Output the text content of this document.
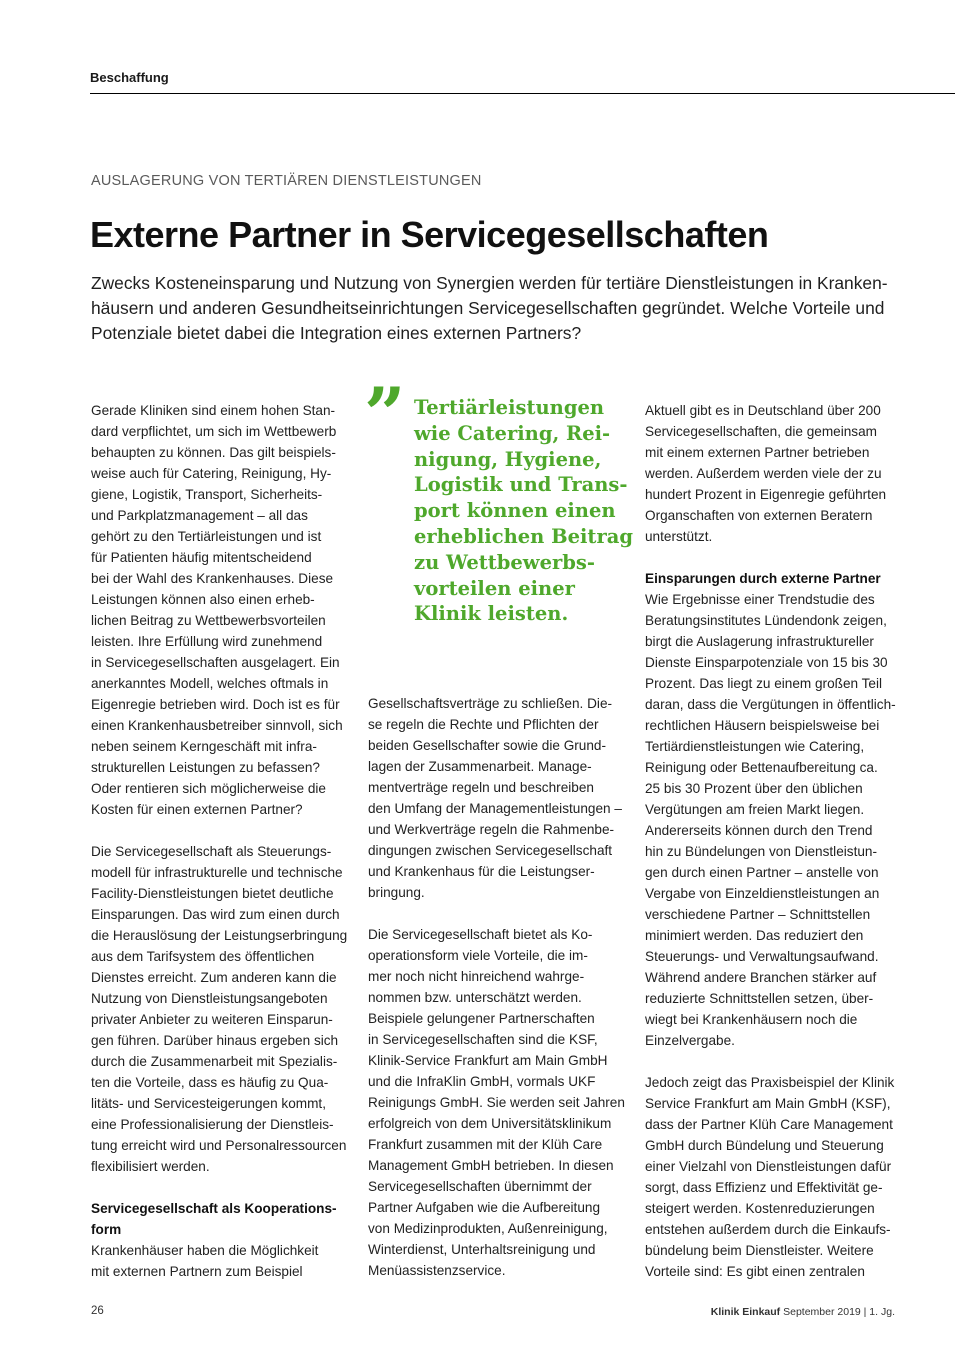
Beschaffung
AUSLAGERUNG VON TERTIÄREN DIENSTLEISTUNGEN
Externe Partner in Servicegesellschaften
Zwecks Kosteneinsparung und Nutzung von Synergien werden für tertiäre Dienstleistungen in Kranken-
häusern und anderen Gesundheitseinrichtungen Servicegesellschaften gegründet. Welche Vorteile und
Potenziale bietet dabei die Integration eines externen Partners?
Gerade Kliniken sind einem hohen Stan-
dard verpflichtet, um sich im Wettbewerb
behaupten zu können. Das gilt beispiels-
weise auch für Catering, Reinigung, Hy-
giene, Logistik, Transport, Sicherheits-
und Parkplatzmanagement – all das
gehört zu den Tertiärleistungen und ist
für Patienten häufig mitentscheidend
bei der Wahl des Krankenhauses. Diese
Leistungen können also einen erheb-
lichen Beitrag zu Wettbewerbsvorteilen
leisten. Ihre Erfüllung wird zunehmend
in Servicegesellschaften ausgelagert. Ein
anerkanntes Modell, welches oftmals in
Eigenregie betrieben wird. Doch ist es für
einen Krankenhausbetreiber sinnvoll, sich
neben seinem Kerngeschäft mit infra-
strukturellen Leistungen zu befassen?
Oder rentieren sich möglicherweise die
Kosten für einen externen Partner?
Die Servicegesellschaft als Steuerungs-
modell für infrastrukturelle und technische
Facility-Dienstleistungen bietet deutliche
Einsparungen. Das wird zum einen durch
die Herauslösung der Leistungserbringung
aus dem Tarifsystem des öffentlichen
Dienstes erreicht. Zum anderen kann die
Nutzung von Dienstleistungsangeboten
privater Anbieter zu weiteren Einsparun-
gen führen. Darüber hinaus ergeben sich
durch die Zusammenarbeit mit Spezialis-
ten die Vorteile, dass es häufig zu Qua-
litäts- und Servicesteigerungen kommt,
eine Professionalisierung der Dienstleis-
tung erreicht wird und Personalressourcen
flexibilisiert werden.
Servicegesellschaft als Kooperations-
form
Krankenhäuser haben die Möglichkeit
mit externen Partnern zum Beispiel
” Tertiärleistungen
wie Catering, Rei-
nigung, Hygiene,
Logistik und Trans-
port können einen
erheblichen Beitrag
zu Wettbewerbs-
vorteilen einer
Klinik leisten.
Gesellschaftsverträge zu schließen. Die-
se regeln die Rechte und Pflichten der
beiden Gesellschafter sowie die Grund-
lagen der Zusammenarbeit. Manage-
mentverträge regeln und beschreiben
den Umfang der Managementleistungen –
und Werkverträge regeln die Rahmenbe-
dingungen zwischen Servicegesellschaft
und Krankenhaus für die Leistungser-
bringung.
Die Servicegesellschaft bietet als Ko-
operationsform viele Vorteile, die im-
mer noch nicht hinreichend wahrge-
nommen bzw. unterschätzt werden.
Beispiele gelungener Partnerschaften
in Servicegesellschaften sind die KSF,
Klinik-Service Frankfurt am Main GmbH
und die InfraKlin GmbH, vormals UKF
Reinigungs GmbH. Sie werden seit Jahren
erfolgreich von dem Universitätsklinikum
Frankfurt zusammen mit der Klüh Care
Management GmbH betrieben. In diesen
Servicegesellschaften übernimmt der
Partner Aufgaben wie die Aufbereitung
von Medizinprodukten, Außenreinigung,
Winterdienst, Unterhaltsreinigung und
Menüassistenzservice.
Aktuell gibt es in Deutschland über 200
Servicegesellschaften, die gemeinsam
mit einem externen Partner betrieben
werden. Außerdem werden viele der zu
hundert Prozent in Eigenregie geführten
Organschaften von externen Beratern
unterstützt.
Einsparungen durch externe Partner
Wie Ergebnisse einer Trendstudie des
Beratungsinstitutes Lündendonk zeigen,
birgt die Auslagerung infrastruktureller
Dienste Einsparpotenziale von 15 bis 30
Prozent. Das liegt zu einem großen Teil
daran, dass die Vergütungen in öffentlich-
rechtlichen Häusern beispielsweise bei
Tertiärdienstleistungen wie Catering,
Reinigung oder Bettenaufbereitung ca.
25 bis 30 Prozent über den üblichen
Vergütungen am freien Markt liegen.
Andererseits können durch den Trend
hin zu Bündelungen von Dienstleistun-
gen durch einen Partner – anstelle von
Vergabe von Einzeldienstleistungen an
verschiedene Partner – Schnittstellen
minimiert werden. Das reduziert den
Steuerungs- und Verwaltungsaufwand.
Während andere Branchen stärker auf
reduzierte Schnittstellen setzen, über-
wiegt bei Krankenhäusern noch die
Einzelvergabe.
Jedoch zeigt das Praxisbeispiel der Klinik
Service Frankfurt am Main GmbH (KSF),
dass der Partner Klüh Care Management
GmbH durch Bündelung und Steuerung
einer Vielzahl von Dienstleistungen dafür
sorgt, dass Effizienz und Effektivität ge-
steigert werden. Kostenreduzierungen
entstehen außerdem durch die Einkaufs-
bündelung beim Dienstleister. Weitere
Vorteile sind: Es gibt einen zentralen
26	Klinik Einkauf September 2019 | 1. Jg.
